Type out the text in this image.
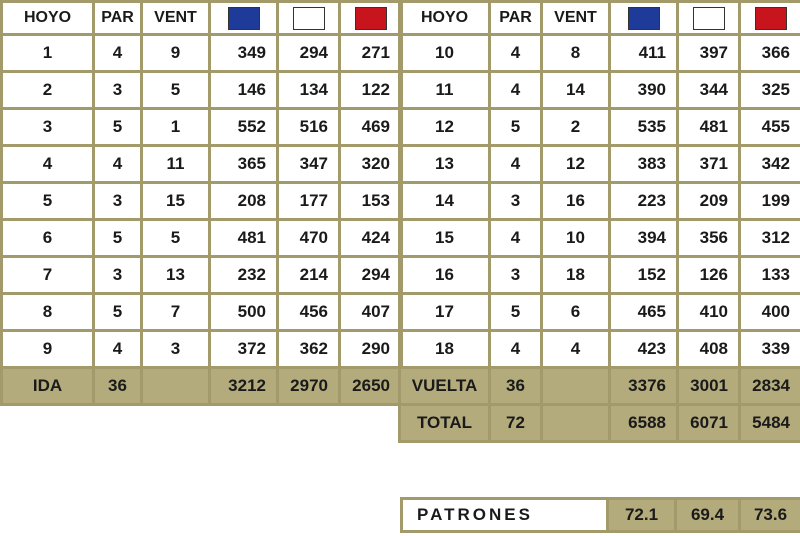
HOYO	PAR	VENT			
1	4	9	349	294	271
2	3	5	146	134	122
3	5	1	552	516	469
4	4	11	365	347	320
5	3	15	208	177	153
6	5	5	481	470	424
7	3	13	232	214	294
8	5	7	500	456	407
9	4	3	372	362	290
IDA	36		3212	2970	2650
HOYO	PAR	VENT			
10	4	8	411	397	366
11	4	14	390	344	325
12	5	2	535	481	455
13	4	12	383	371	342
14	3	16	223	209	199
15	4	10	394	356	312
16	3	18	152	126	133
17	5	6	465	410	400
18	4	4	423	408	339
VUELTA	36		3376	3001	2834
TOTAL	72		6588	6071	5484
PATRONES	72.1	69.4	73.6
